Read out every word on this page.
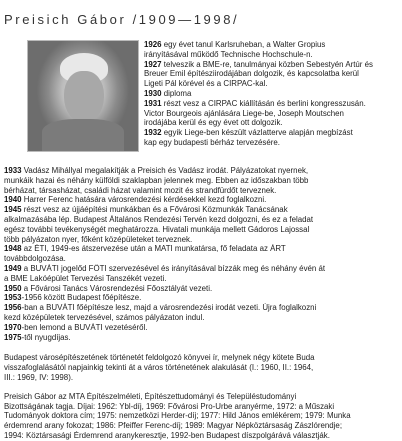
Preisich Gábor /1909—1998/
1926 egy évet tanul Karlsruheban, a Walter Gropius
irányításával működő Technische Hochschule-n.
1927 telveszik a BME-re, tanulmányai közben Sebestyén Artúr és
Breuer Emil építésziirodájában dolgozik, és kapcsolatba kerül
Ligeti Pál körével és a CIRPAC-kal.
1930 diploma
1931 részt vesz a CIRPAC kiállításán és berlini kongresszusán.
Victor Bourgeois ajánlására Liege-be, Joseph Moutschen
irodájába kerül és egy évet ott dolgozik.
1932 egyik Liege-ben készült vázlatterve alapján megbízást
kap egy budapesti bérház tervezésére.
1933 Vadász Mihállyal megalakítják a Preisich és Vadász irodát. Pályázatokat nyernek,
munkáik hazai és néhány külföldi szaklapban jelennek meg. Ebben az időszakban több
bérházat, társasházat, családi házat valamint mozit és strandfürdőt terveznek.
1940 Harrer Ferenc hatására városrendezési kérdésekkel kezd foglalkozni.
1945 részt vesz az újjáépítési munkákban és a Fővárosi Közmunkák Tanácsának
alkalmazásába lép. Budapest Általános Rendezési Tervén kezd dolgozni, és ez a feladat
egész további tevékenységét meghatározza. Hivatali munkája mellett Gádoros Lajossal
több pályázaton nyer, főként középületeket terveznek.
1948 az ÉTI, 1949-es átszervezése után a MATI munkatársa, fő feladata az ÁRT
továbbdolgozása.
1949 a BUVÁTI jogelőd FŐTI szervezésével és irányításával bízzák meg és néhány évén át
a BME Lakóépület Tervezési Tanszékét vezeti.
1950 a Fővárosi Tanács Városrendezési Főosztályát vezeti.
1953-1956 között Budapest főépítésze.
1956-ban a BUVÁTI főépítésze lesz, majd a városrendezési irodát vezeti. Újra foglalkozni
kezd középületek tervezésével, számos pályázaton indul.
1970-ben lemond a BUVÁTI vezetéséről.
1975-től nyugdíjas.
Budapest városépítészetének történetét feldolgozó könyvei ír, melynek négy kötete Buda
visszafoglalásától napjainkig tekinti át a város történetének alakulását (I.: 1960, II.: 1964,
III.: 1969, IV: 1998).
Preisich Gábor az MTA Építészelméleti, Építészettudományi és Településtudományi
Bizottságának tagja. Díjai: 1962: Ybl-díj, 1969: Fővárosi Pro-Urbe aranyérme, 1972: a Műszaki
Tudományok doktora cím; 1975: nemzetközi Herder-díj; 1977: Hild János emlékérem; 1979: Munka
érdemrend arany fokozat; 1986: Pfeiffer Ferenc-díj; 1989: Magyar Népköztársaság Zászlórendje;
1994: Köztársasági Érdemrend aranykeresztje, 1992-ben Budapest díszpolgárává választják.
